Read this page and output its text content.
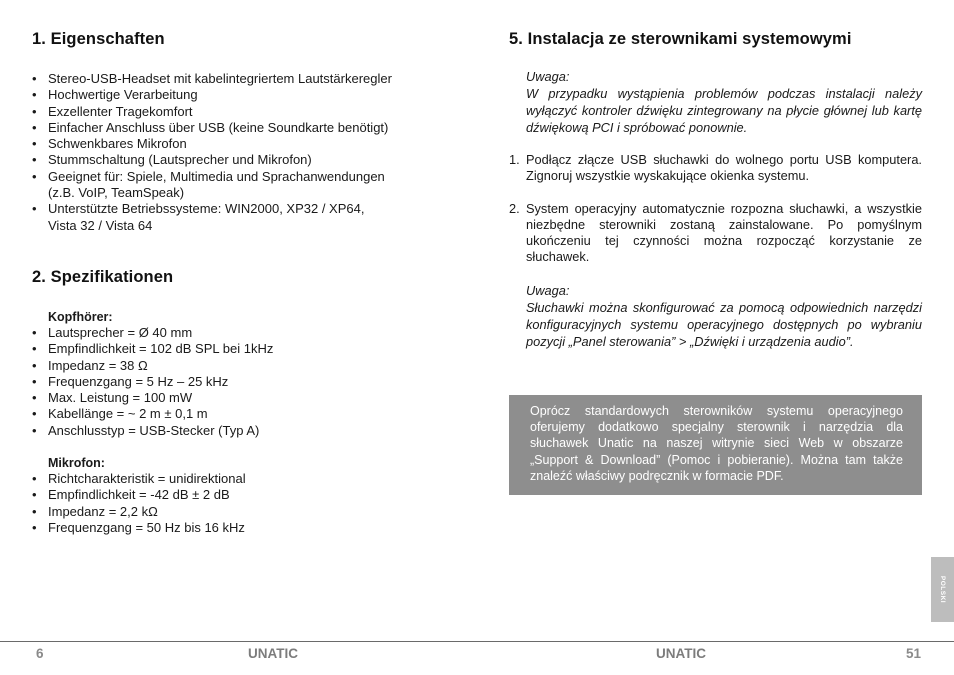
1. Eigenschaften
• Stereo-USB-Headset mit kabelintegriertem Lautstärkeregler
• Hochwertige Verarbeitung
• Exzellenter Tragekomfort
• Einfacher Anschluss über USB (keine Soundkarte benötigt)
• Schwenkbares Mikrofon
• Stummschaltung (Lautsprecher und Mikrofon)
• Geeignet für: Spiele, Multimedia und Sprachanwendungen
(z.B. VoIP, TeamSpeak)
• Unterstützte Betriebssysteme: WIN2000, XP32 / XP64,
Vista 32 / Vista 64
2. Spezifikationen
Kopfhörer:
• Lautsprecher = Ø 40 mm
• Empfindlichkeit = 102 dB SPL bei 1kHz
• Impedanz = 38 Ω
• Frequenzgang = 5 Hz – 25 kHz
• Max. Leistung = 100 mW
• Kabellänge = ~ 2 m ± 0,1 m
• Anschlusstyp = USB-Stecker (Typ A)
Mikrofon:
• Richtcharakteristik = unidirektional
• Empfindlichkeit = -42 dB ± 2 dB
• Impedanz = 2,2 kΩ
• Frequenzgang = 50 Hz bis 16 kHz
5. Instalacja ze sterownikami systemowymi
Uwaga:
W przypadku wystąpienia problemów podczas instalacji należy wyłączyć kontroler dźwięku zintegrowany na płycie głównej lub kartę dźwiękową PCI i spróbować ponownie.
1. Podłącz złącze USB słuchawki do wolnego portu USB komputera. Zignoruj wszystkie wyskakujące okienka systemu.
2. System operacyjny automatycznie rozpozna słuchawki, a wszystkie niezbędne sterowniki zostaną zainstalowane. Po pomyślnym ukończeniu tej czynności można rozpocząć korzystanie ze słuchawek.
Uwaga:
Słuchawki można skonfigurować za pomocą odpowiednich narzędzi konfiguracyjnych systemu operacyjnego dostępnych po wybraniu pozycji „Panel sterowania” > „Dźwięki i urządzenia audio”.
Oprócz standardowych sterowników systemu operacyjnego oferujemy dodatkowo specjalny sterownik i narzędzia dla słuchawek Unatic na naszej witrynie sieci Web w obszarze „Support & Download” (Pomoc i pobieranie). Można tam także znaleźć właściwy podręcznik w formacie PDF.
POLSKI
6	UNATIC	UNATIC	51
